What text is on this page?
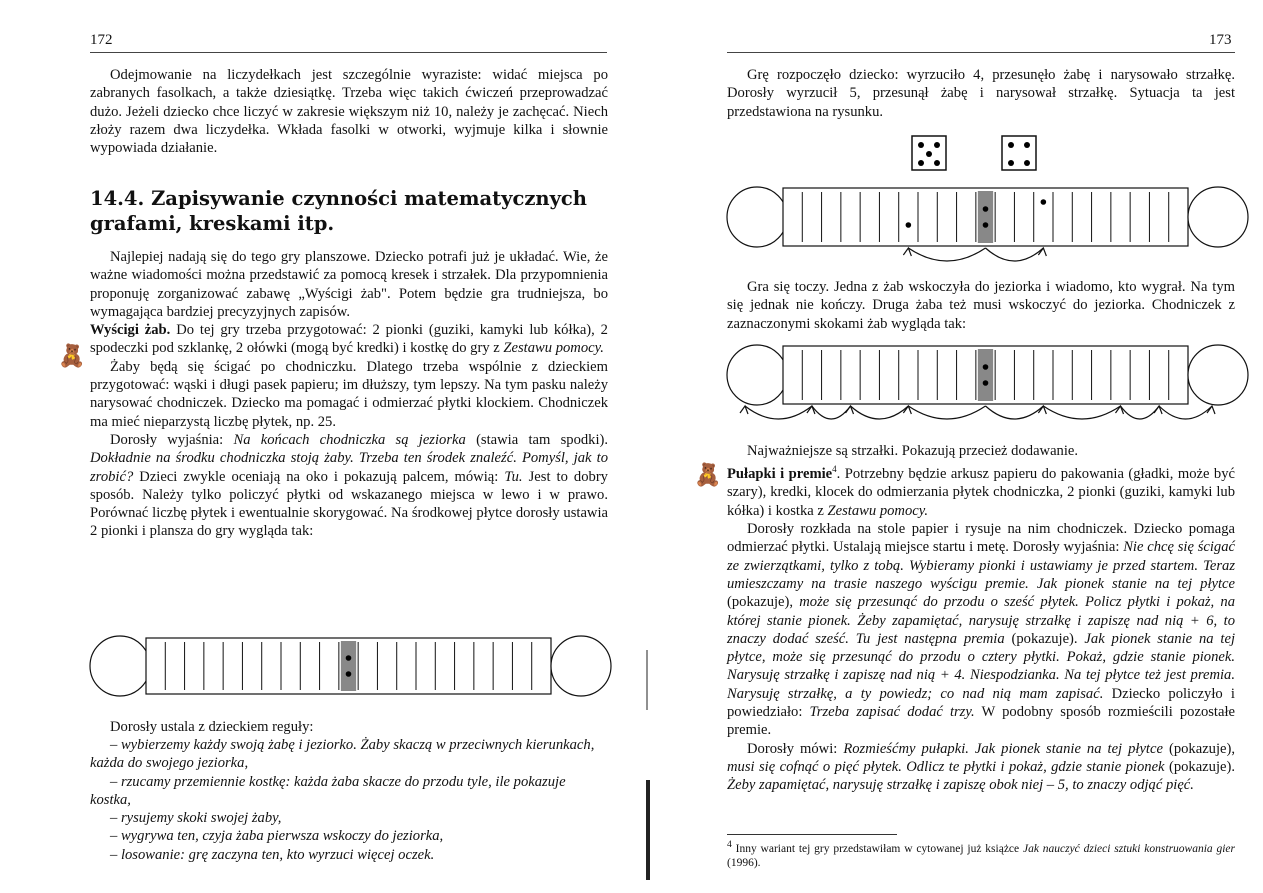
172

Odejmowanie na liczydełkach jest szczególnie wyraziste: widać miejsca po zabranych fasolkach, a także dziesiątkę. Trzeba więc takich ćwiczeń przeprowadzać dużo. Jeżeli dziecko chce liczyć w zakresie większym niż 10, należy je zachęcać. Niech złoży razem dwa liczydełka. Wkłada fasolki w otworki, wyjmuje kilka i słownie wypowiada działanie.

14.4. Zapisywanie czynności matematycznych grafami, kreskami itp.

Najlepiej nadają się do tego gry planszowe. Dziecko potrafi już je układać. Wie, że ważne wiadomości można przedstawić za pomocą kresek i strzałek. Dla przypomnienia proponuję zorganizować zabawę „Wyścigi żab". Potem będzie gra trudniejsza, bo wymagająca bardziej precyzyjnych zapisów.

Wyścigi żab. Do tej gry trzeba przygotować: 2 pionki (guziki, kamyki lub kółka), 2 spodeczki pod szklankę, 2 ołówki (mogą być kredki) i kostkę do gry z Zestawu pomocy.

Żaby będą się ścigać po chodniczku. Dlatego trzeba wspólnie z dzieckiem przygotować: wąski i długi pasek papieru; im dłuższy, tym lepszy. Na tym pasku należy narysować chodniczek. Dziecko ma pomagać i odmierzać płytki klockiem. Chodniczek ma mieć nieparzystą liczbę płytek, np. 25.

Dorosły wyjaśnia: Na końcach chodniczka są jeziorka (stawia tam spodki). Dokładnie na środku chodniczka stoją żaby. Trzeba ten środek znaleźć. Pomyśl, jak to zrobić? Dzieci zwykle oceniają na oko i pokazują palcem, mówią: Tu. Jest to dobry sposób. Należy tylko policzyć płytki od wskazanego miejsca w lewo i w prawo. Porównać liczbę płytek i ewentualnie skorygować. Na środkowej płytce dorosły ustawia 2 pionki i plansza do gry wygląda tak:

🧸

Dorosły ustala z dzieckiem reguły:

– wybierzemy każdy swoją żabę i jeziorko. Żaby skaczą w przeciwnych kierunkach, każda do swojego jeziorka,
– rzucamy przemiennie kostkę: każda żaba skacze do przodu tyle, ile pokazuje kostka,
– rysujemy skoki swojej żaby,
– wygrywa ten, czyja żaba pierwsza wskoczy do jeziorka,
– losowanie: grę zaczyna ten, kto wyrzuci więcej oczek.
173

Grę rozpoczęło dziecko: wyrzuciło 4, przesunęło żabę i narysowało strzałkę. Dorosły wyrzucił 5, przesunął żabę i narysował strzałkę. Sytuacja ta jest przedstawiona na rysunku.

Gra się toczy. Jedna z żab wskoczyła do jeziorka i wiadomo, kto wygrał. Na tym się jednak nie kończy. Druga żaba też musi wskoczyć do jeziorka. Chodniczek z zaznaczonymi skokami żab wygląda tak:

Najważniejsze są strzałki. Pokazują przecież dodawanie.

Pułapki i premie$^4$. Potrzebny będzie arkusz papieru do pakowania (gładki, może być szary), kredki, klocek do odmierzania płytek chodniczka, 2 pionki (guziki, kamyki lub kółka) i kostka z Zestawu pomocy.

Dorosły rozkłada na stole papier i rysuje na nim chodniczek. Dziecko pomaga odmierzać płytki. Ustalają miejsce startu i metę. Dorosły wyjaśnia: Nie chcę się ścigać ze zwierzątkami, tylko z tobą. Wybieramy pionki i ustawiamy je przed startem. Teraz umieszczamy na trasie naszego wyścigu premie. Jak pionek stanie na tej płytce (pokazuje), może się przesunąć do przodu o sześć płytek. Policz płytki i pokaż, na której stanie pionek. Żeby zapamiętać, narysuję strzałkę i zapiszę nad nią + 6, to znaczy dodać sześć. Tu jest następna premia (pokazuje). Jak pionek stanie na tej płytce, może się przesunąć do przodu o cztery płytki. Pokaż, gdzie stanie pionek. Narysuję strzałkę i zapiszę nad nią + 4. Niespodzianka. Na tej płytce też jest premia. Narysuję strzałkę, a ty powiedz; co nad nią mam zapisać. Dziecko policzyło i powiedziało: Trzeba zapisać dodać trzy. W podobny sposób rozmieścili pozostałe premie.

Dorosły mówi: Rozmieśćmy pułapki. Jak pionek stanie na tej płytce (pokazuje), musi się cofnąć o pięć płytek. Odlicz te płytki i pokaż, gdzie stanie pionek (pokazuje). Żeby zapamiętać, narysuję strzałkę i zapiszę obok niej – 5, to znaczy odjąć pięć.

🧸
$^4$ Inny wariant tej gry przedstawiłam w cytowanej już książce Jak nauczyć dzieci sztuki konstruowania gier (1996).
